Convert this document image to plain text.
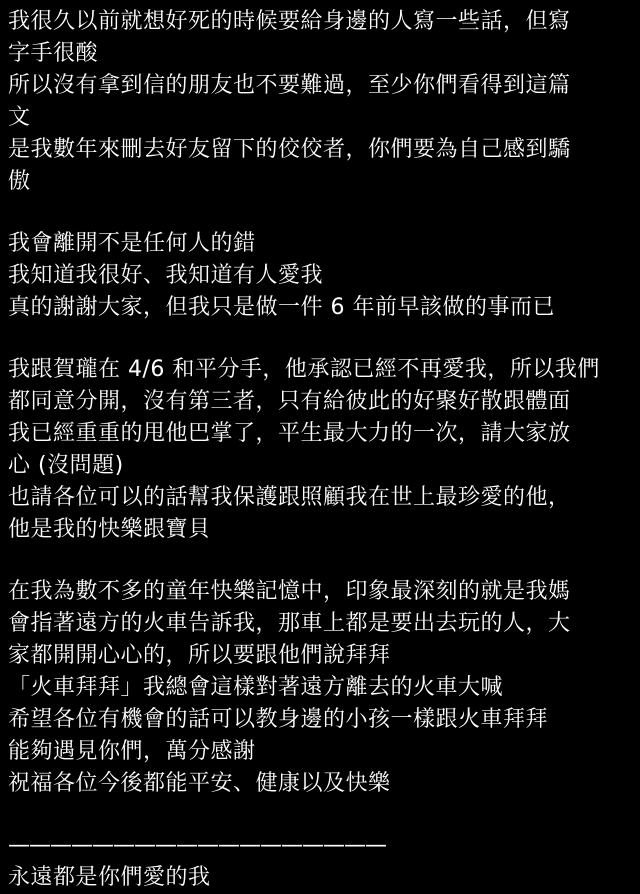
我很久以前就想好死的時候要給身邊的人寫一些話，但寫
字手很酸
所以沒有拿到信的朋友也不要難過，至少你們看得到這篇
文
是我數年來刪去好友留下的佼佼者，你們要為自己感到驕
傲
我會離開不是任何人的錯
我知道我很好、我知道有人愛我
真的謝謝大家，但我只是做一件 6 年前早該做的事而已
我跟賀瓏在 4/6 和平分手，他承認已經不再愛我，所以我們
都同意分開，沒有第三者，只有給彼此的好聚好散跟體面
我已經重重的甩他巴掌了，平生最大力的一次，請大家放
心 (沒問題)
也請各位可以的話幫我保護跟照顧我在世上最珍愛的他，
他是我的快樂跟寶貝
在我為數不多的童年快樂記憶中，印象最深刻的就是我媽
會指著遠方的火車告訴我，那車上都是要出去玩的人，大
家都開開心心的，所以要跟他們說拜拜
「火車拜拜」我總會這樣對著遠方離去的火車大喊
希望各位有機會的話可以教身邊的小孩一樣跟火車拜拜
能夠遇見你們，萬分感謝
祝福各位今後都能平安、健康以及快樂
——————————————————
永遠都是你們愛的我
